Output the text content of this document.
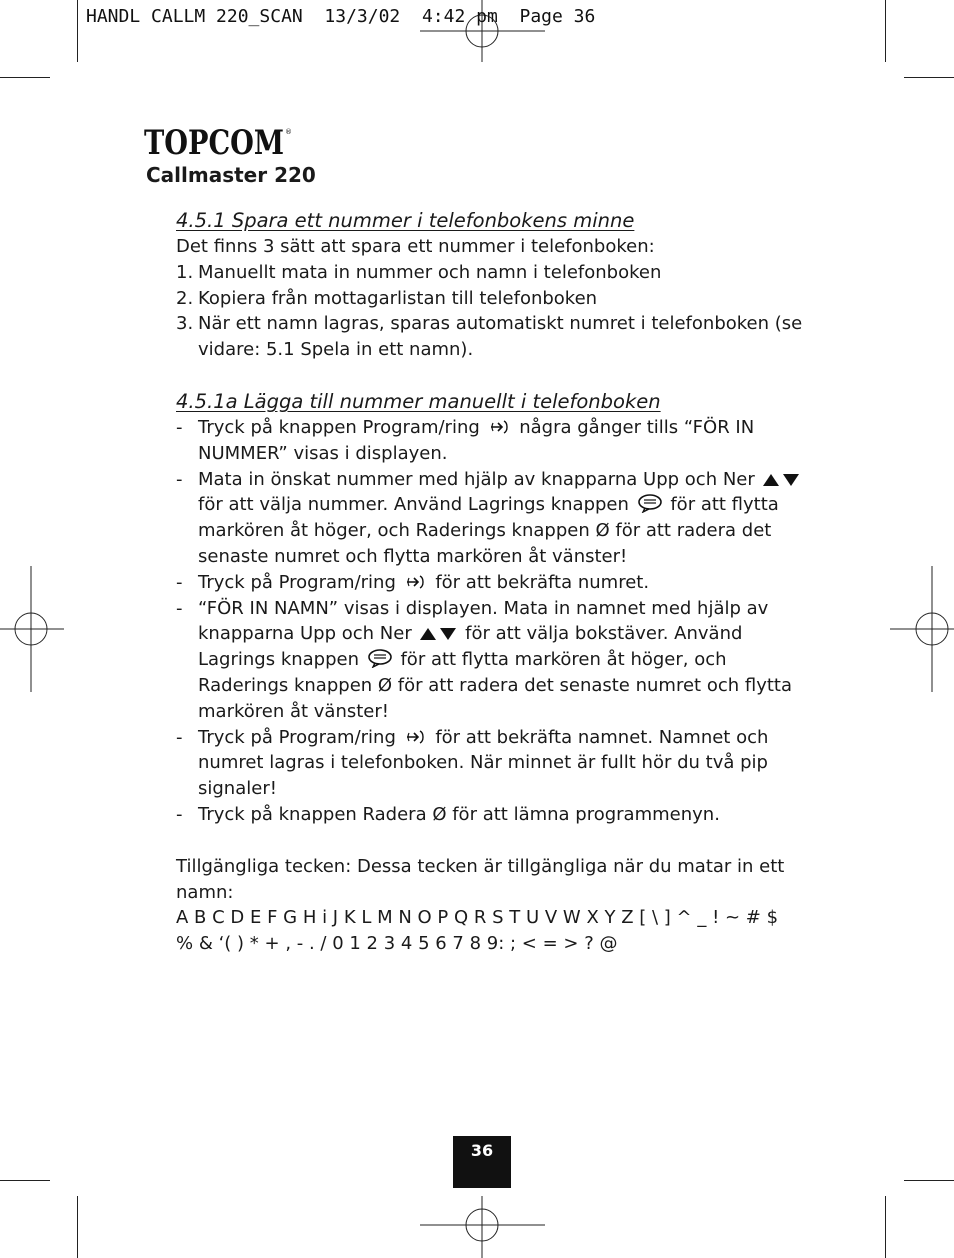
HANDL CALLM 220_SCAN  13/3/02  4:42 pm  Page 36
TOPCOM ®
Callmaster 220

4.5.1 Spara ett nummer i telefonbokens minne

Det finns 3 sätt att spara ett nummer i telefonboken:

1. Manuellt mata in nummer och namn i telefonboken
2. Kopiera från mottagarlistan till telefonboken
3. När ett namn lagras, sparas automatiskt numret i telefonboken (se vidare: 5.1 Spela in ett namn).

4.5.1a Lägga till nummer manuellt i telefonboken

- Tryck på knappen Program/ring
några gånger tills “FÖR IN NUMMER” visas i displayen.
- Mata in önskat nummer med hjälp av knapparna Upp och Ner
för att välja nummer. Använd Lagrings knappen
för att flytta markören åt höger, och Raderings knappen Ø för att radera det senaste numret och flytta markören åt vänster!
- Tryck på Program/ring
för att bekräfta numret.
- “FÖR IN NAMN” visas i displayen. Mata in namnet med hjälp av knapparna Upp och Ner
för att välja bokstäver. Använd Lagrings knappen
för att flytta markören åt höger, och Raderings knappen Ø för att radera det senaste numret och flytta markören åt vänster!
- Tryck på Program/ring
för att bekräfta namnet. Namnet och numret lagras i telefonboken. När minnet är fullt hör du två pip signaler!
- Tryck på knappen Radera Ø för att lämna programmenyn.

Tillgängliga tecken: Dessa tecken är tillgängliga när du matar in ett namn:

A B C D E F G H i J K L M N O P Q R S T U V W X Y Z [ \ ] ^ _ ! ~ # $

% & ‘( ) * + , - . / 0 1 2 3 4 5 6 7 8 9: ; < = > ? @

36
